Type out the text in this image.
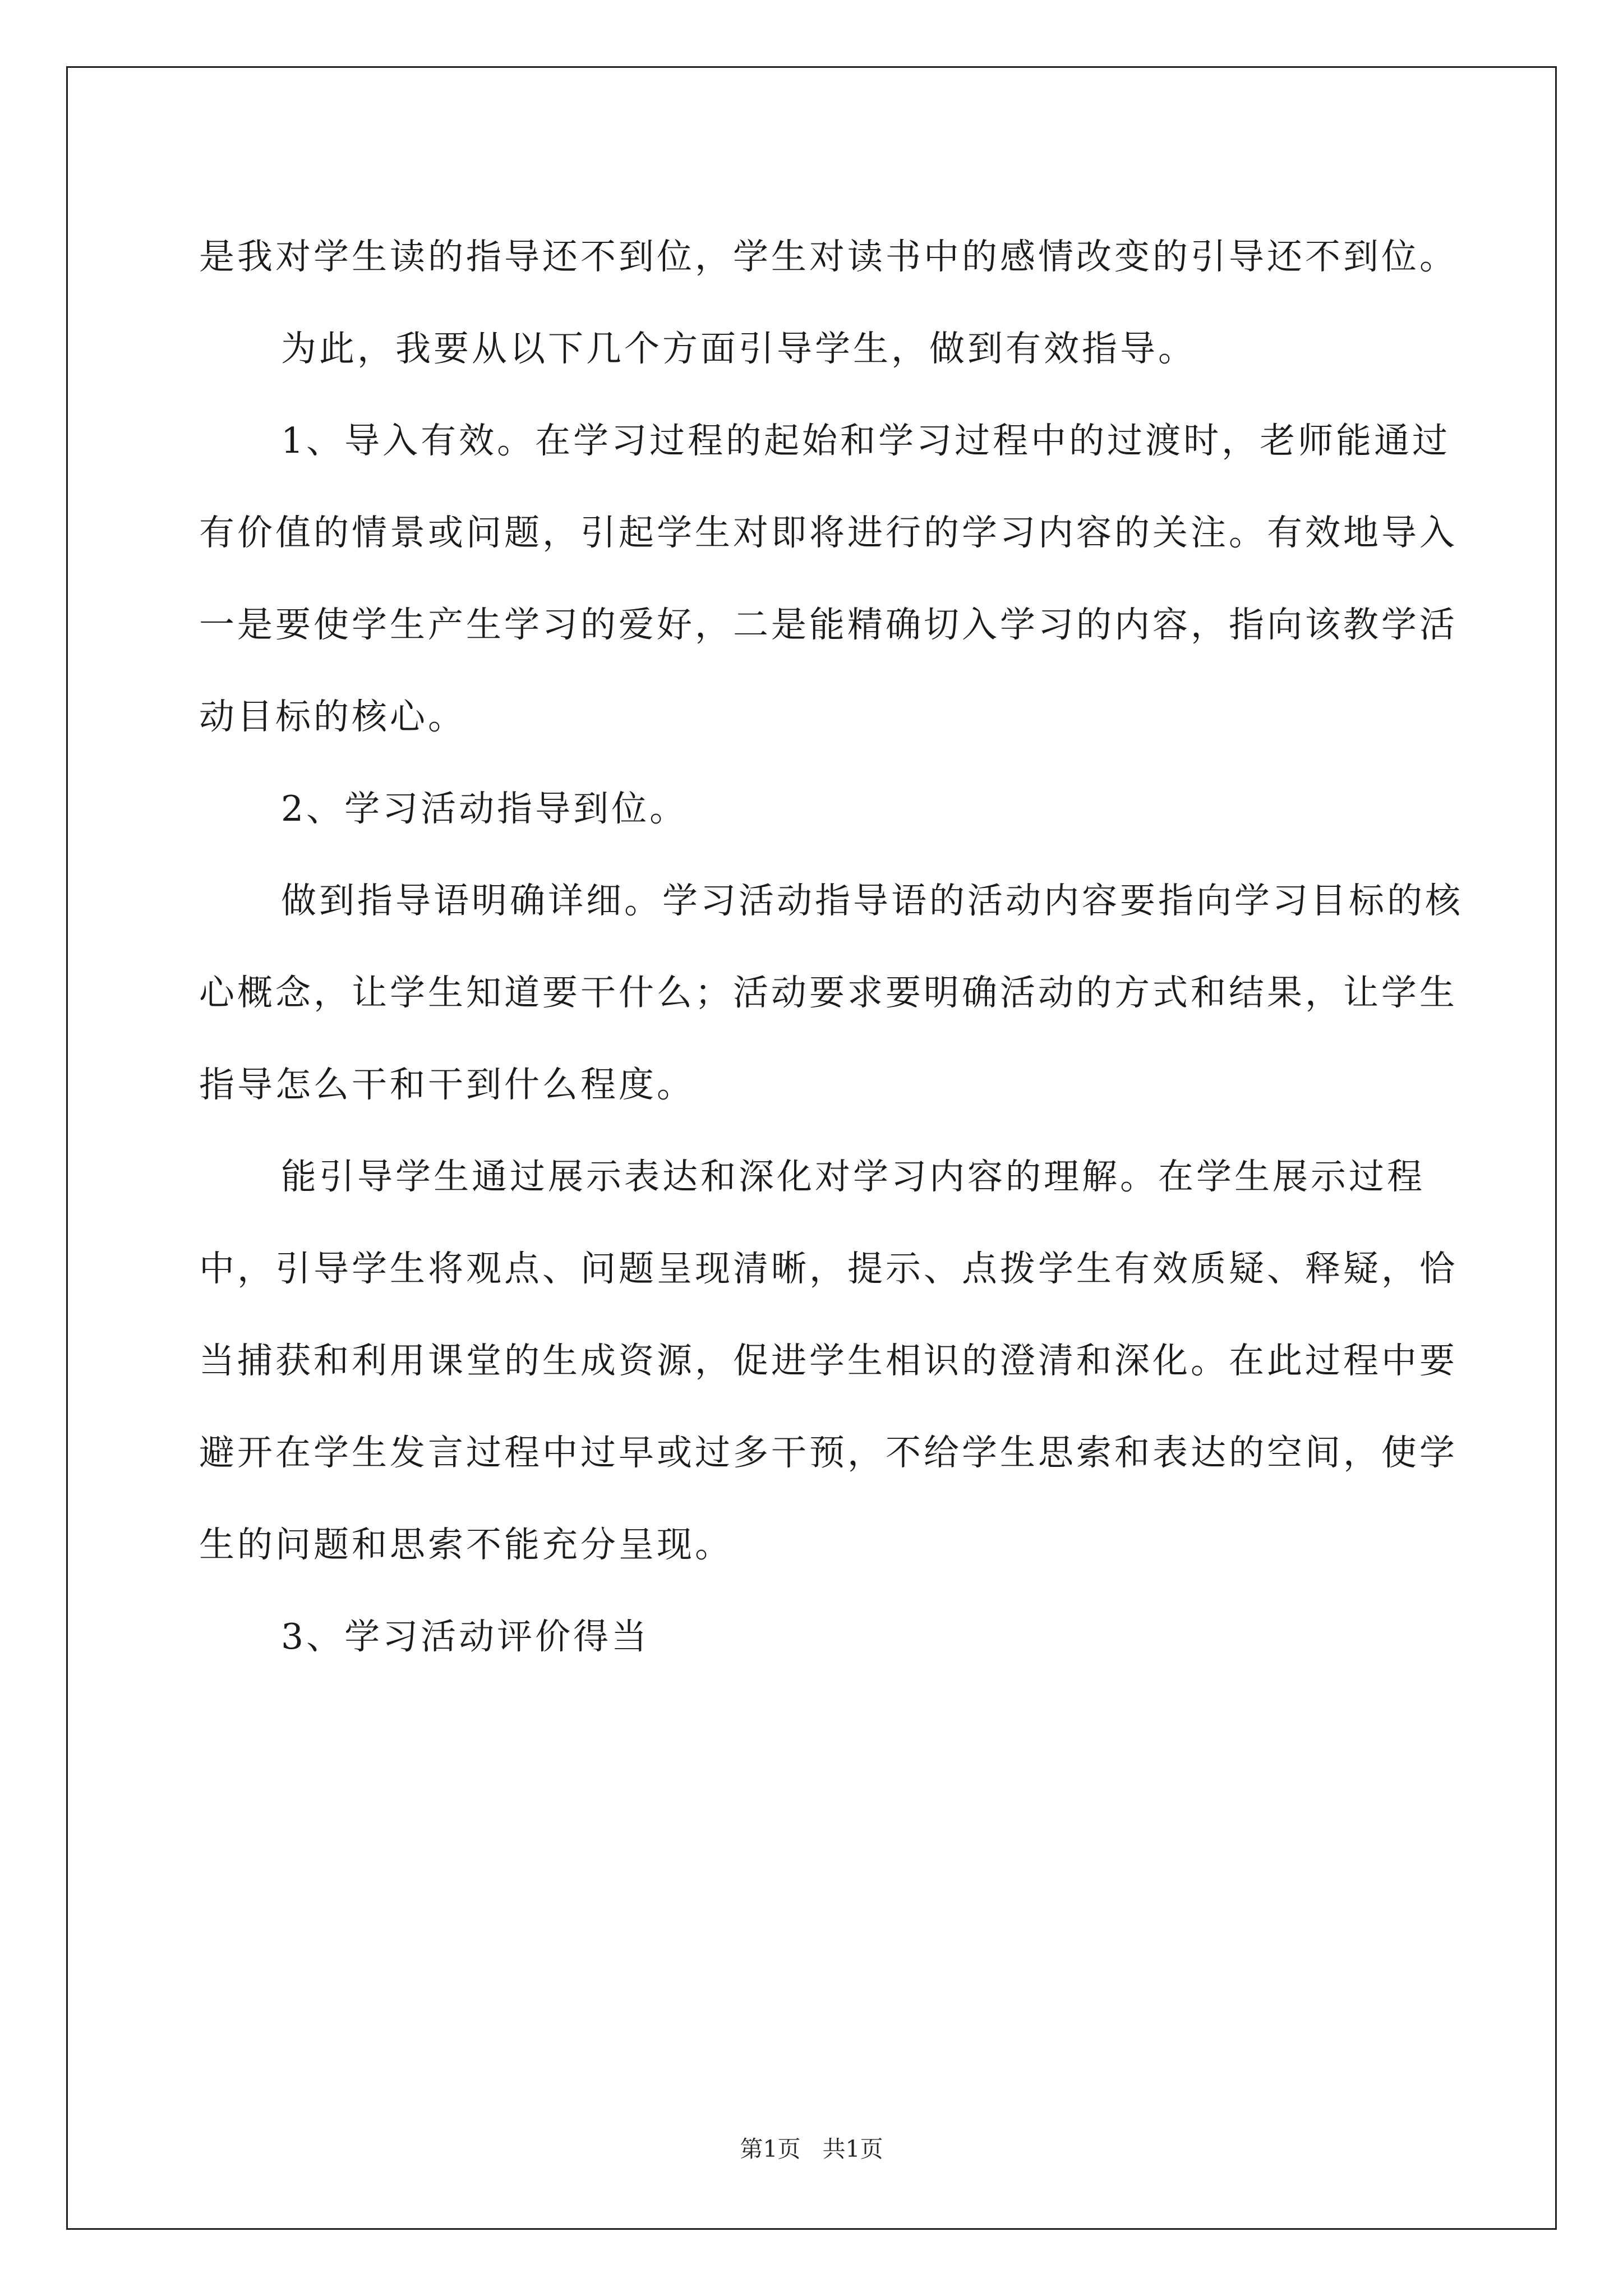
是我对学生读的指导还不到位，学生对读书中的感情改变的引导还不到位。

为此，我要从以下几个方面引导学生，做到有效指导。

1、导入有效。在学习过程的起始和学习过程中的过渡时，老师能通过有价值的情景或问题，引起学生对即将进行的学习内容的关注。有效地导入一是要使学生产生学习的爱好，二是能精确切入学习的内容，指向该教学活动目标的核心。

2、学习活动指导到位。

做到指导语明确详细。学习活动指导语的活动内容要指向学习目标的核心概念，让学生知道要干什么；活动要求要明确活动的方式和结果，让学生指导怎么干和干到什么程度。

能引导学生通过展示表达和深化对学习内容的理解。在学生展示过程中，引导学生将观点、问题呈现清晰，提示、点拨学生有效质疑、释疑，恰当捕获和利用课堂的生成资源，促进学生相识的澄清和深化。在此过程中要避开在学生发言过程中过早或过多干预，不给学生思索和表达的空间，使学生的问题和思索不能充分呈现。

3、学习活动评价得当

第1页   共1页
